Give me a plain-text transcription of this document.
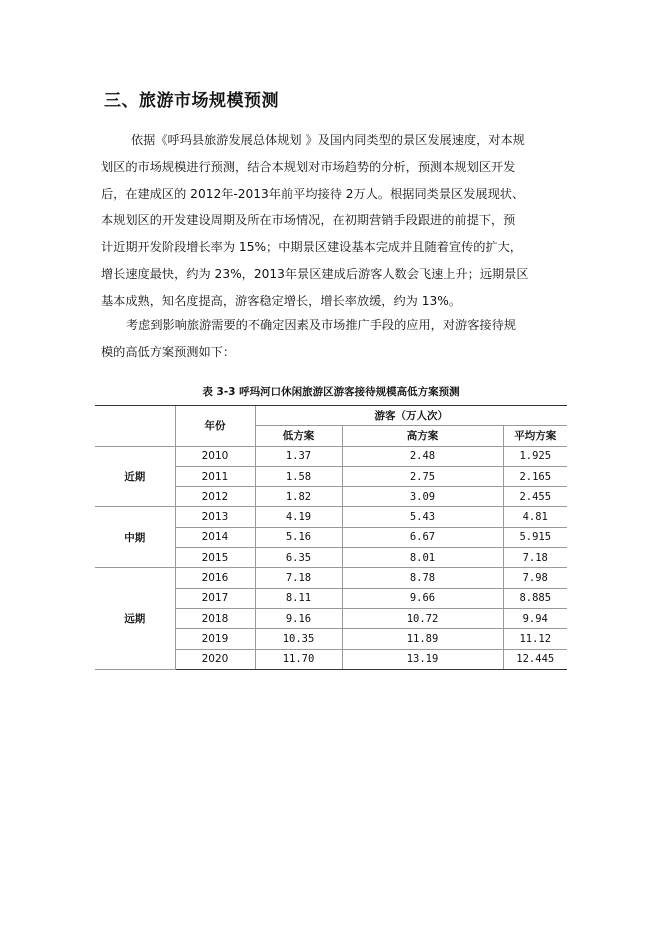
三、旅游市场规模预测
依据《呼玛县旅游发展总体规划 》及国内同类型的景区发展速度，对本规
划区的市场规模进行预测，结合本规划对市场趋势的分析，预测本规划区开发
后，在建成区的 2012年-2013年前平均接待 2万人。根据同类景区发展现状、
本规划区的开发建设周期及所在市场情况，在初期营销手段跟进的前提下，预
计近期开发阶段增长率为 15%；中期景区建设基本完成并且随着宣传的扩大，
增长速度最快，约为 23%，2013年景区建成后游客人数会飞速上升；远期景区
基本成熟，知名度提高，游客稳定增长，增长率放缓，约为 13%。
考虑到影响旅游需要的不确定因素及市场推广手段的应用，对游客接待规
模的高低方案预测如下：
表 3-3 呼玛河口休闲旅游区游客接待规模高低方案预测
	年份	游客（万人次）		
		低方案	高方案	平均方案
近期	2010	1.37	2.48	1.925
	2011	1.58	2.75	2.165
	2012	1.82	3.09	2.455
中期	2013	4.19	5.43	4.81
	2014	5.16	6.67	5.915
	2015	6.35	8.01	7.18
远期	2016	7.18	8.78	7.98
	2017	8.11	9.66	8.885
	2018	9.16	10.72	9.94
	2019	10.35	11.89	11.12
	2020	11.70	13.19	12.445
